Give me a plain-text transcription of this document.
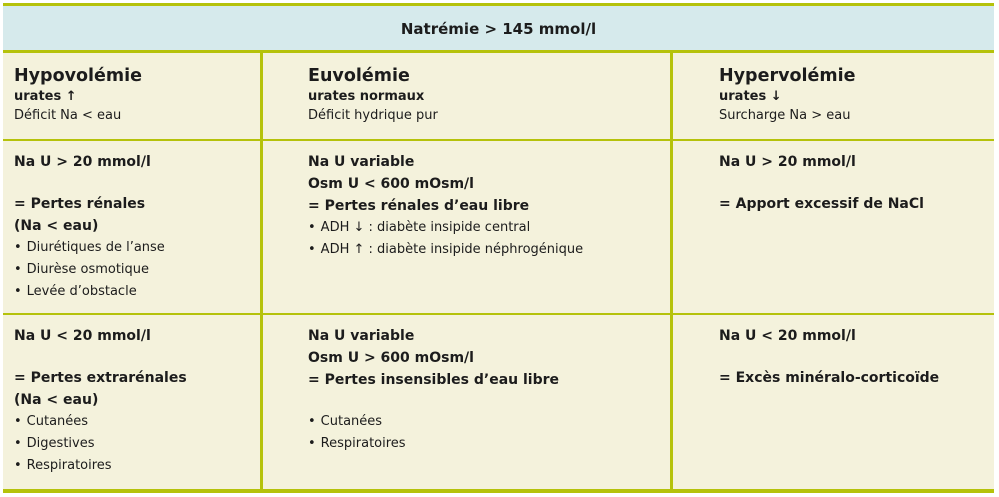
Natrémie > 145 mmol/l
Hypovolémie
urates ↑
Déficit Na < eau
Euvolémie
urates normaux
Déficit hydrique pur
Hypervolémie
urates ↓
Surcharge Na > eau
Na U > 20 mmol/l
= Pertes rénales
(Na < eau)
• Diurétiques de l’anse
• Diurèse osmotique
• Levée d’obstacle
Na U variable
Osm U < 600 mOsm/l
= Pertes rénales d’eau libre
• ADH ↓ : diabète insipide central
• ADH ↑ : diabète insipide néphrogénique
Na U > 20 mmol/l
= Apport excessif de NaCl
Na U < 20 mmol/l
= Pertes extrarénales
(Na < eau)
• Cutanées
• Digestives
• Respiratoires
Na U variable
Osm U > 600 mOsm/l
= Pertes insensibles d’eau libre
• Cutanées
• Respiratoires
Na U < 20 mmol/l
= Excès minéralo-corticoïde
